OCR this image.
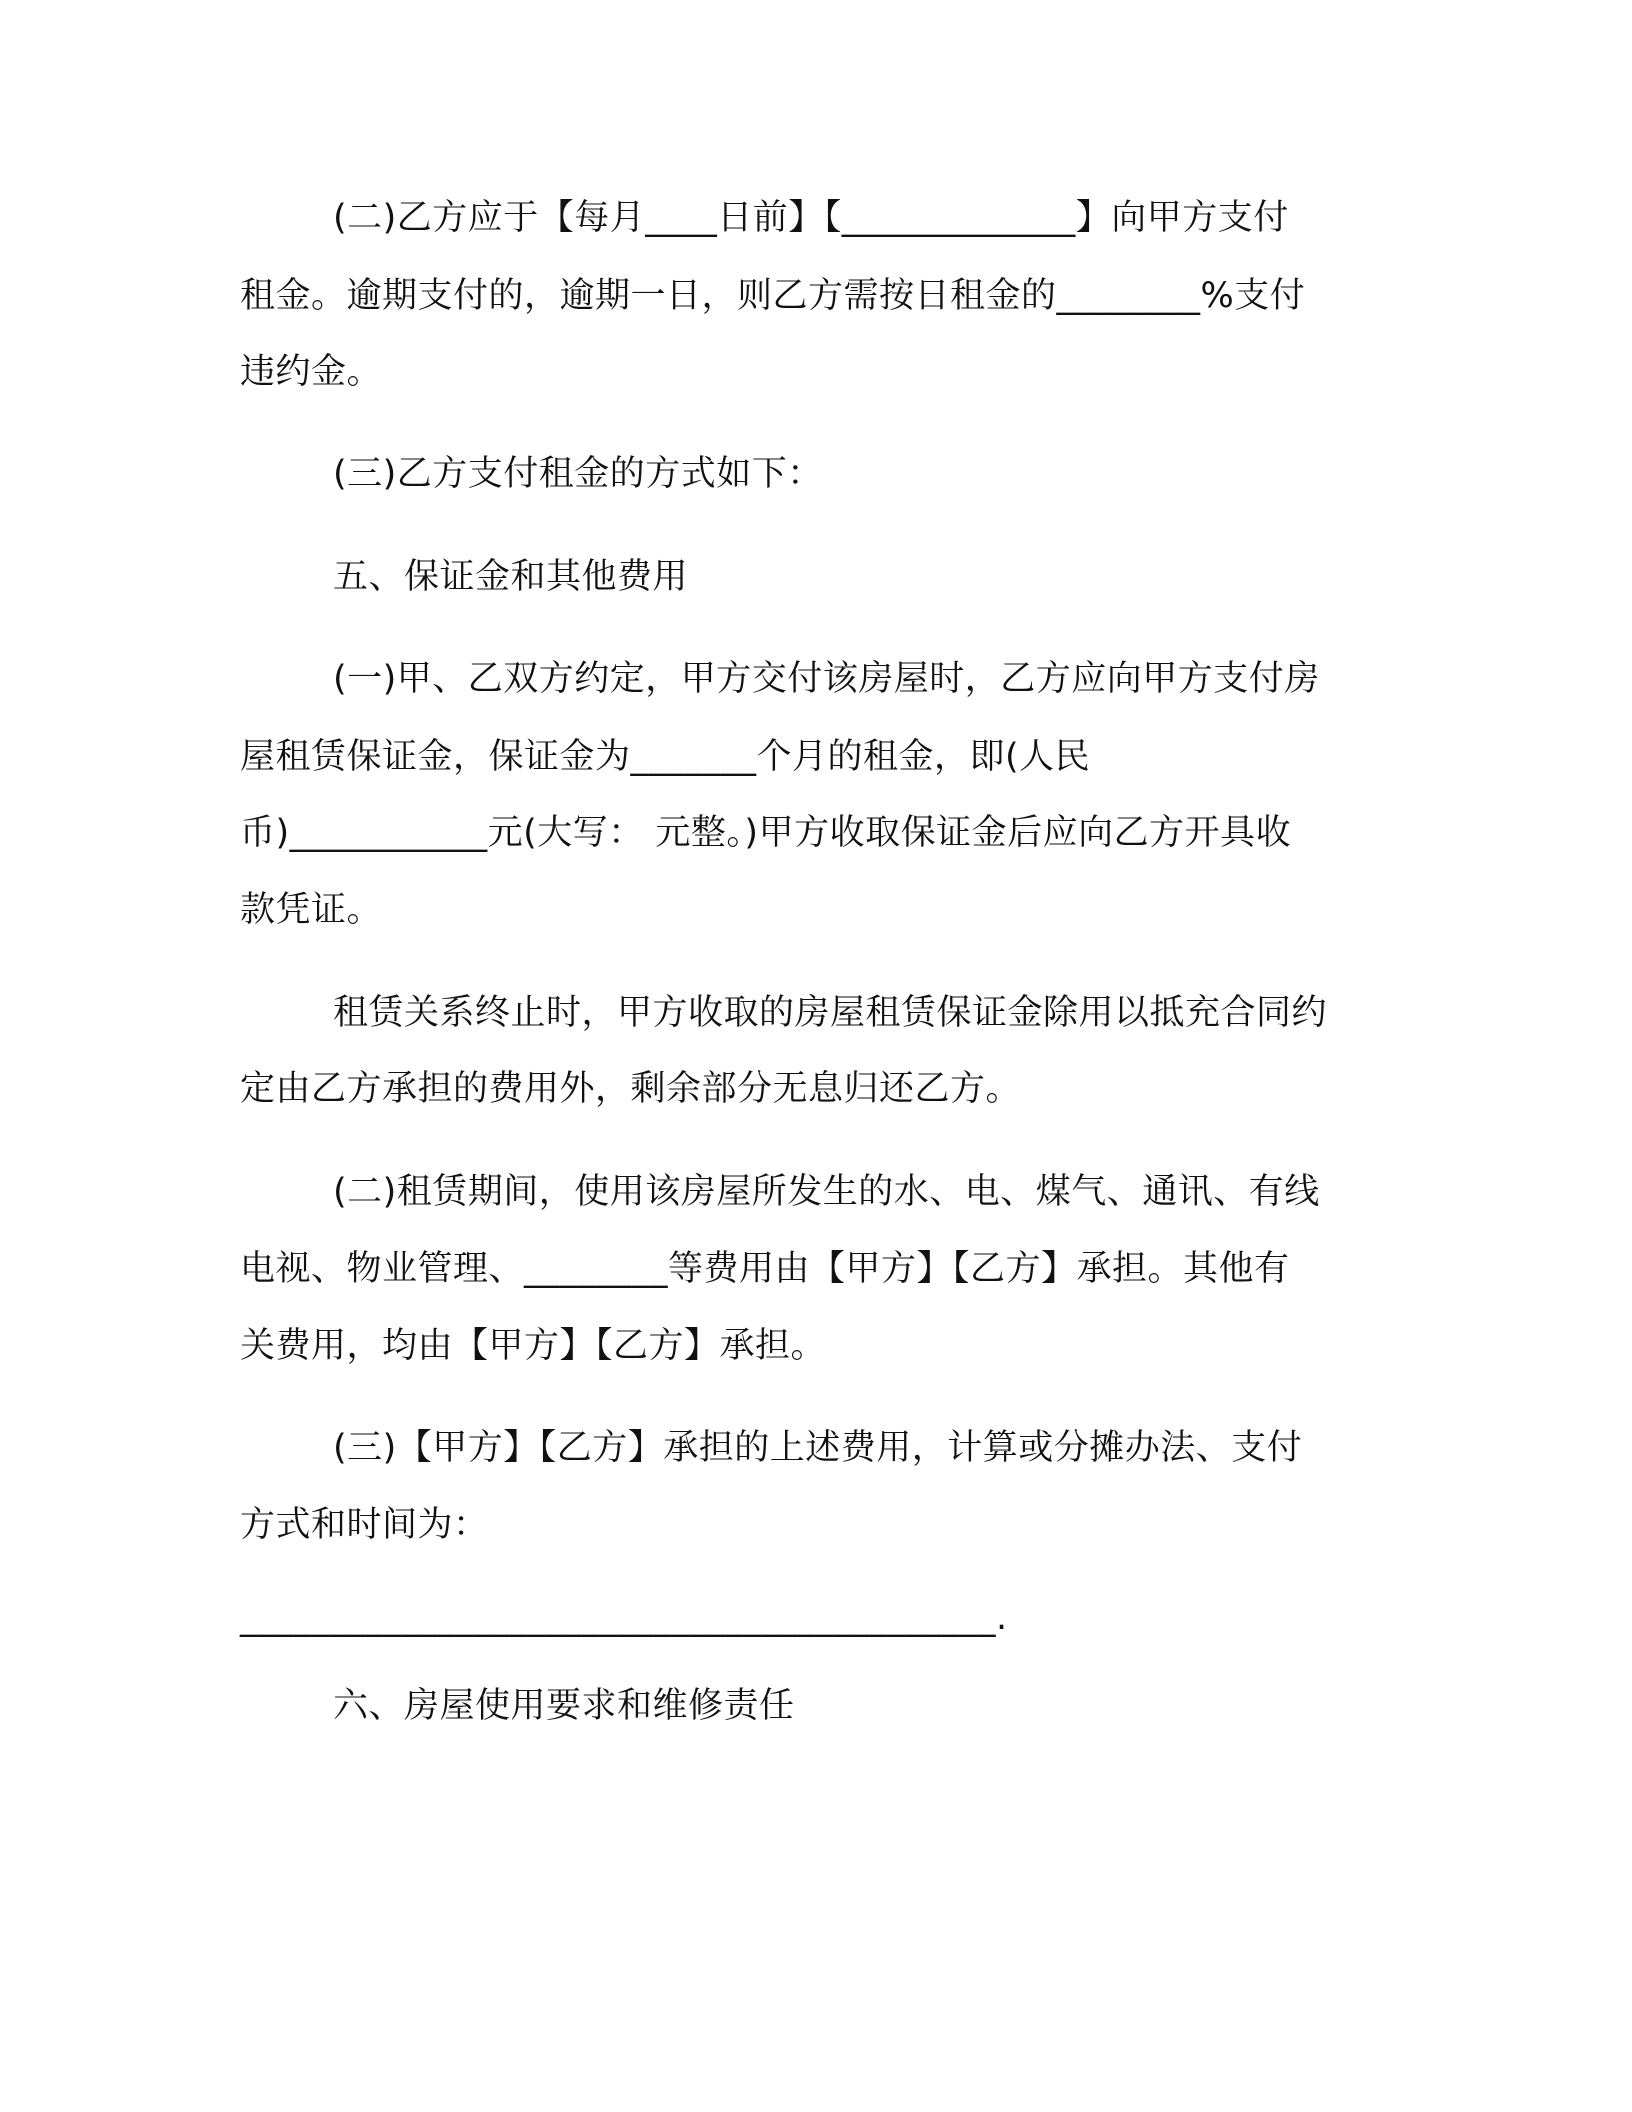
(二)乙方应于【每月____日前】【_____________】向甲方支付
租金。逾期支付的，逾期一日，则乙方需按日租金的________%支付
违约金。
(三)乙方支付租金的方式如下：
五、保证金和其他费用
(一)甲、乙双方约定，甲方交付该房屋时，乙方应向甲方支付房
屋租赁保证金，保证金为_______个月的租金，即(人民
币)___________元(大写： 元整。)甲方收取保证金后应向乙方开具收
款凭证。
租赁关系终止时，甲方收取的房屋租赁保证金除用以抵充合同约
定由乙方承担的费用外，剩余部分无息归还乙方。
(二)租赁期间，使用该房屋所发生的水、电、煤气、通讯、有线
电视、物业管理、________等费用由【甲方】【乙方】承担。其他有
关费用，均由【甲方】【乙方】承担。
(三)【甲方】【乙方】承担的上述费用，计算或分摊办法、支付
方式和时间为：
__________________________________________.
六、房屋使用要求和维修责任
